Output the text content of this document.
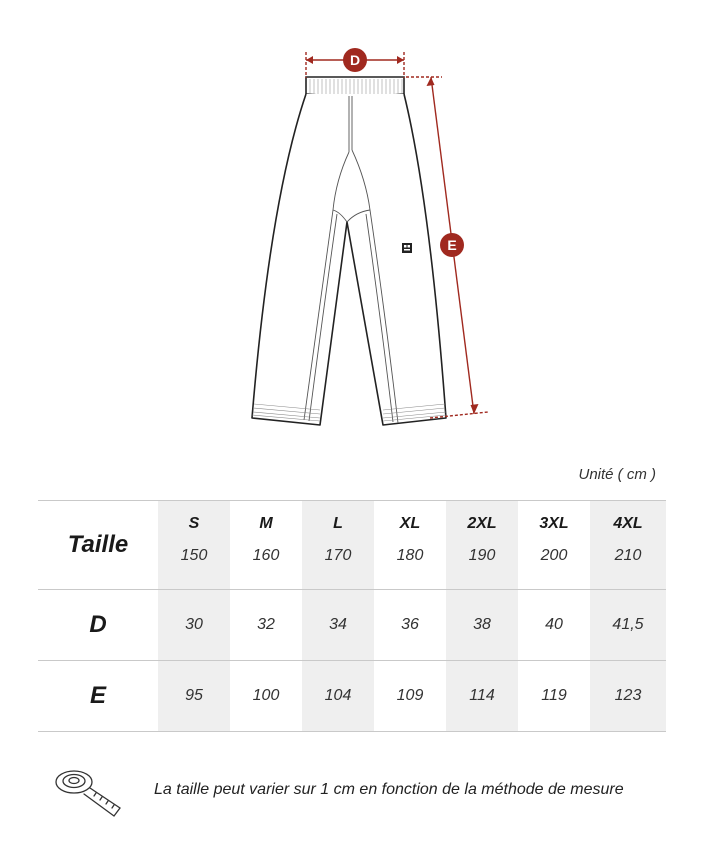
D
E
Unité ( cm )
Taille	S	M	L	XL	2XL	3XL	4XL
	150	160	170	180	190	200	210
D	30	32	34	36	38	40	41,5
E	95	100	104	109	114	119	123
La taille peut varier sur 1 cm en fonction de la méthode de mesure
